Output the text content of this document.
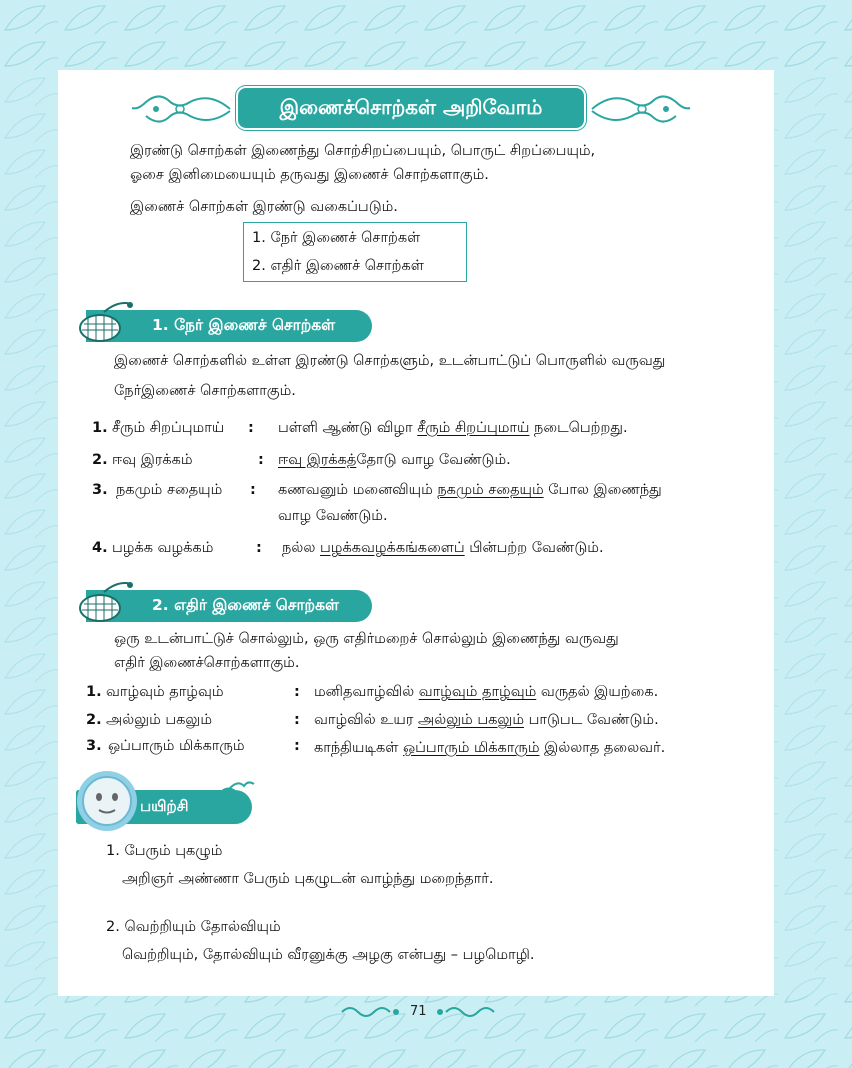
இணைச்சொற்கள் அறிவோம்
இரண்டு சொற்கள் இணைந்து சொற்சிறப்பையும், பொருட் சிறப்பையும்,
ஓசை இனிமையையும் தருவது இணைச் சொற்களாகும்.
இணைச் சொற்கள் இரண்டு வகைப்படும்.
1. நேர் இணைச் சொற்கள்
2. எதிர் இணைச் சொற்கள்
1. நேர் இணைச் சொற்கள்
இணைச் சொற்களில் உள்ள இரண்டு சொற்களும், உடன்பாட்டுப் பொருளில் வருவது
நேர்இணைச் சொற்களாகும்.
1. சீரும் சிறப்புமாய் : பள்ளி ஆண்டு விழா சீரும் சிறப்புமாய் நடைபெற்றது.
2. ஈவு இரக்கம்	: ஈவு இரக்கத்தோடு வாழ வேண்டும்.
3. நகமும் சதையும் : கணவனும் மனைவியும் நகமும் சதையும் போல இணைந்து
வாழ வேண்டும்.
4. பழக்க வழக்கம்	: நல்ல பழக்கவழக்கங்களைப் பின்பற்ற வேண்டும்.
2. எதிர் இணைச் சொற்கள்
ஒரு உடன்பாட்டுச் சொல்லும், ஒரு எதிர்மறைச் சொல்லும் இணைந்து வருவது
எதிர் இணைச்சொற்களாகும்.
1. வாழ்வும் தாழ்வும்	: மனிதவாழ்வில் வாழ்வும் தாழ்வும் வருதல் இயற்கை.
2. அல்லும் பகலும்	: வாழ்வில் உயர அல்லும் பகலும் பாடுபட வேண்டும்.
3. ஒப்பாரும் மிக்காரும்	: காந்தியடிகள் ஒப்பாரும் மிக்காரும் இல்லாத தலைவர்.
பயிற்சி
1. பேரும் புகழும்
அறிஞர் அண்ணா பேரும் புகழுடன் வாழ்ந்து மறைந்தார்.
2. வெற்றியும் தோல்வியும்
வெற்றியும், தோல்வியும் வீரனுக்கு அழகு என்பது – பழமொழி.
71
